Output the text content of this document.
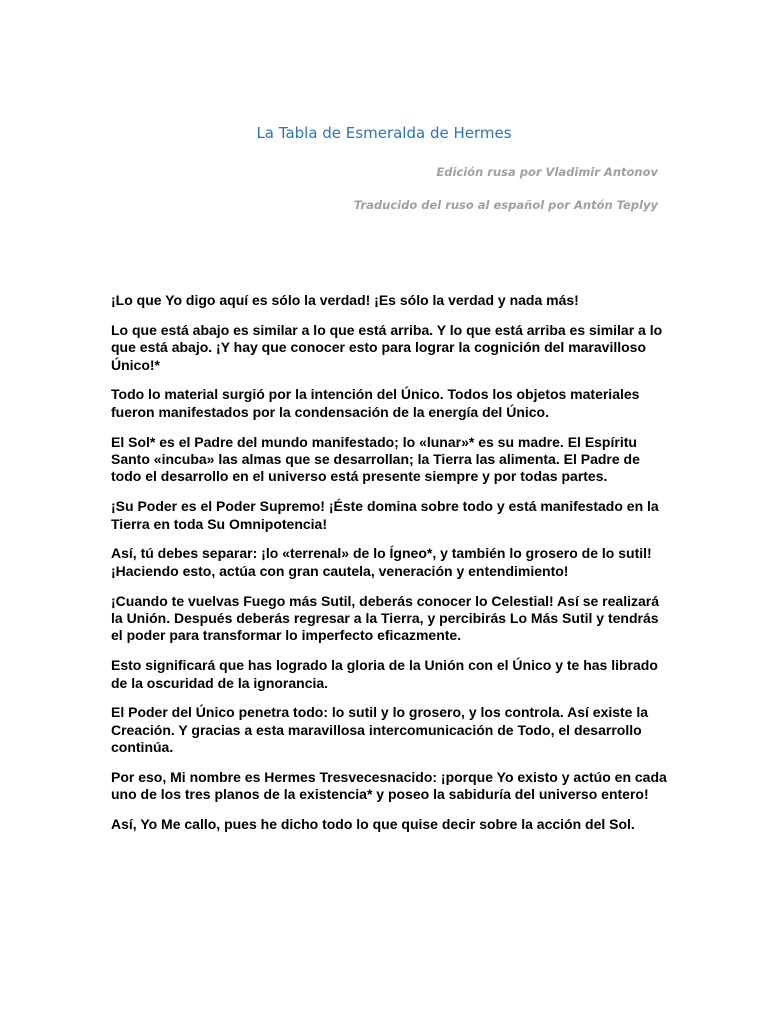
La Tabla de Esmeralda de Hermes

Edición rusa por Vladimir Antonov

Traducido del ruso al español por Antón Teplyy

¡Lo que Yo digo aquí es sólo la verdad! ¡Es sólo la verdad y nada más!

Lo que está abajo es similar a lo que está arriba. Y lo que está arriba es similar a lo que está abajo. ¡Y hay que conocer esto para lograr la cognición del maravilloso Único!*

Todo lo material surgió por la intención del Único. Todos los objetos materiales fueron manifestados por la condensación de la energía del Único.

El Sol* es el Padre del mundo manifestado; lo «lunar»* es su madre. El Espíritu Santo «incuba» las almas que se desarrollan; la Tierra las alimenta. El Padre de todo el desarrollo en el universo está presente siempre y por todas partes.

¡Su Poder es el Poder Supremo! ¡Éste domina sobre todo y está manifestado en la Tierra en toda Su Omnipotencia!

Así, tú debes separar: ¡lo «terrenal» de lo Ígneo*, y también lo grosero de lo sutil! ¡Haciendo esto, actúa con gran cautela, veneración y entendimiento!

¡Cuando te vuelvas Fuego más Sutil, deberás conocer lo Celestial! Así se realizará la Unión. Después deberás regresar a la Tierra, y percibirás Lo Más Sutil y tendrás el poder para transformar lo imperfecto eficazmente.

Esto significará que has logrado la gloria de la Unión con el Único y te has librado de la oscuridad de la ignorancia.

El Poder del Único penetra todo: lo sutil y lo grosero, y los controla. Así existe la Creación. Y gracias a esta maravillosa intercomunicación de Todo, el desarrollo continúa.

Por eso, Mi nombre es Hermes Tresvecesnacido: ¡porque Yo existo y actúo en cada uno de los tres planos de la existencia* y poseo la sabiduría del universo entero!

Así, Yo Me callo, pues he dicho todo lo que quise decir sobre la acción del Sol.
